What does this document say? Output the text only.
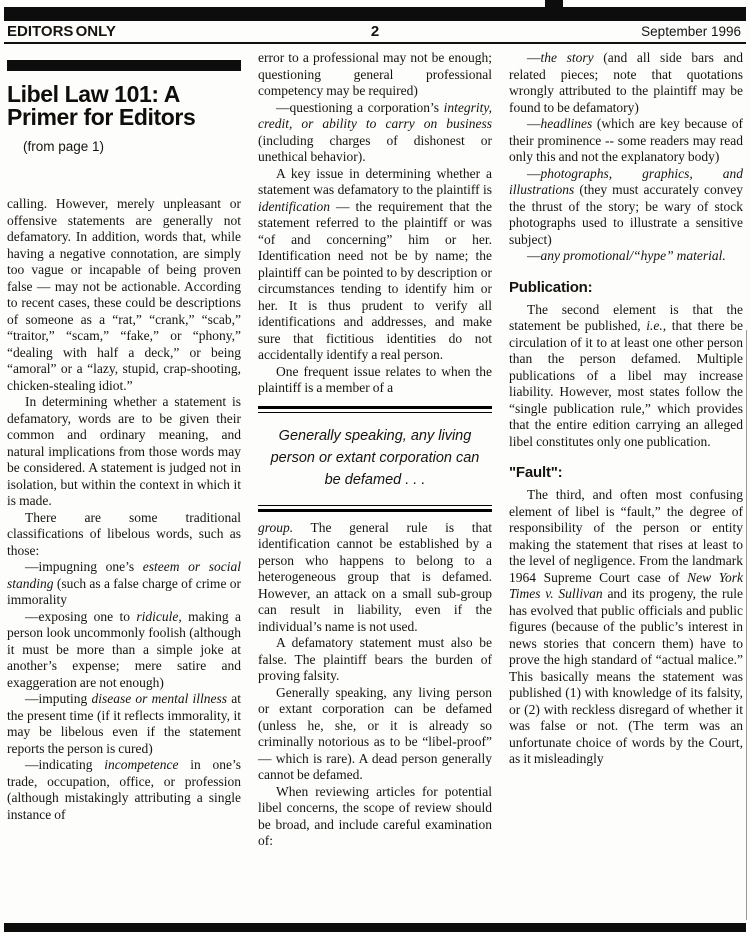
EDITORS ONLY	2	September 1996
Libel Law 101: A Primer for Editors
(from page 1)

calling. However, merely unpleasant or offensive statements are generally not defamatory. In addition, words that, while having a negative connotation, are simply too vague or incapable of being proven false — may not be actionable. According to recent cases, these could be descriptions of someone as a “rat,” “crank,” “scab,” “traitor,” “scam,” “fake,” or “phony,” “dealing with half a deck,” or being “amoral” or a “lazy, stupid, crap-shooting, chicken-stealing idiot.”

In determining whether a statement is defamatory, words are to be given their common and ordinary meaning, and natural implications from those words may be considered. A statement is judged not in isolation, but within the context in which it is made.

There are some traditional classifications of libelous words, such as those:

—impugning one’s esteem or social standing (such as a false charge of crime or immorality

—exposing one to ridicule, making a person look uncommonly foolish (although it must be more than a simple joke at another’s expense; mere satire and exaggeration are not enough)

—imputing disease or mental illness at the present time (if it reflects immorality, it may be libelous even if the statement reports the person is cured)

—indicating incompetence in one’s trade, occupation, office, or profession (although mistakingly attributing a single instance of

error to a professional may not be enough; questioning general professional competency may be required)

—questioning a corporation’s integrity, credit, or ability to carry on business (including charges of dishonest or unethical behavior).

A key issue in determining whether a statement was defamatory to the plaintiff is identification — the requirement that the statement referred to the plaintiff or was “of and concerning” him or her. Identification need not be by name; the plaintiff can be pointed to by description or circumstances tending to identify him or her. It is thus prudent to verify all identifications and addresses, and make sure that fictitious identities do not accidentally identify a real person.

One frequent issue relates to when the plaintiff is a member of a

Generally speaking, any living person or extant corporation can be defamed . . .

group. The general rule is that identification cannot be established by a person who happens to belong to a heterogeneous group that is defamed. However, an attack on a small sub-group can result in liability, even if the individual’s name is not used.

A defamatory statement must also be false. The plaintiff bears the burden of proving falsity.

Generally speaking, any living person or extant corporation can be defamed (unless he, she, or it is already so criminally notorious as to be “libel-proof” — which is rare). A dead person generally cannot be defamed.

When reviewing articles for potential libel concerns, the scope of review should be broad, and include careful examination of:

—the story (and all side bars and related pieces; note that quotations wrongly attributed to the plaintiff may be found to be defamatory)

—headlines (which are key because of their prominence -- some readers may read only this and not the explanatory body)

—photographs, graphics, and illustrations (they must accurately convey the thrust of the story; be wary of stock photographs used to illustrate a sensitive subject)

—any promotional/“hype” material.

Publication:

The second element is that the statement be published, i.e., that there be circulation of it to at least one other person than the person defamed. Multiple publications of a libel may increase liability. However, most states follow the “single publication rule,” which provides that the entire edition carrying an alleged libel constitutes only one publication.

"Fault":

The third, and often most confusing element of libel is “fault,” the degree of responsibility of the person or entity making the statement that rises at least to the level of negligence. From the landmark 1964 Supreme Court case of New York Times v. Sullivan and its progeny, the rule has evolved that public officials and public figures (because of the public’s interest in news stories that concern them) have to prove the high standard of “actual malice.” This basically means the statement was published (1) with knowledge of its falsity, or (2) with reckless disregard of whether it was false or not. (The term was an unfortunate choice of words by the Court, as it misleadingly
